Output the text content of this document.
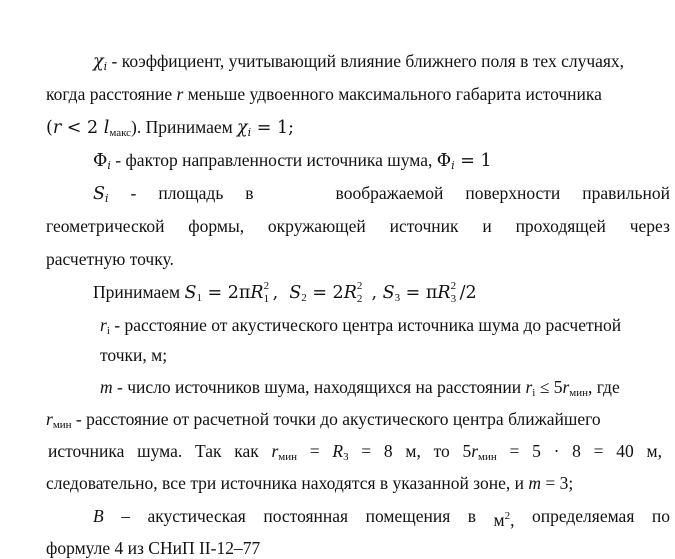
$\chi_i$ - коэффициент, учитывающий влияние ближнего поля в тех случаях,
когда расстояние r меньше удвоенного максимального габарита источника
(r < 2 $l_{макс}$). Принимаем $\chi_i = 1$;
$\Phi_i$ - фактор направленности источника шума, $\Phi_i = 1$
$S_i$ - площадь в	воображаемой поверхности правильной
геометрической формы, окружающей источник и проходящей через
расчетную точку.
Принимаем $S_1 = 2\pi R$ 2
1 ,  $S_2 = 2R$ 2
2 , $S_3 = \pi R$ 2
3 /2
$r_i$ - расстояние от акустического центра источника шума до расчетной
точки, м;
m - число источников шума, находящихся на расстоянии $r_i \le 5r_{мин}$, где
$r_{мин}$ - расстояние от расчетной точки до акустического центра ближайшего
источника шума. Так как $r_{мин} = R_3 = 8$ м, то $5r_{мин} = 5 \cdot 8 = 40$ м,
следовательно, все три источника находятся в указанной зоне, и m = 3;
B – акустическая постоянная помещения в $м^2$, определяемая по
формуле 4 из СНиП II-12–77
